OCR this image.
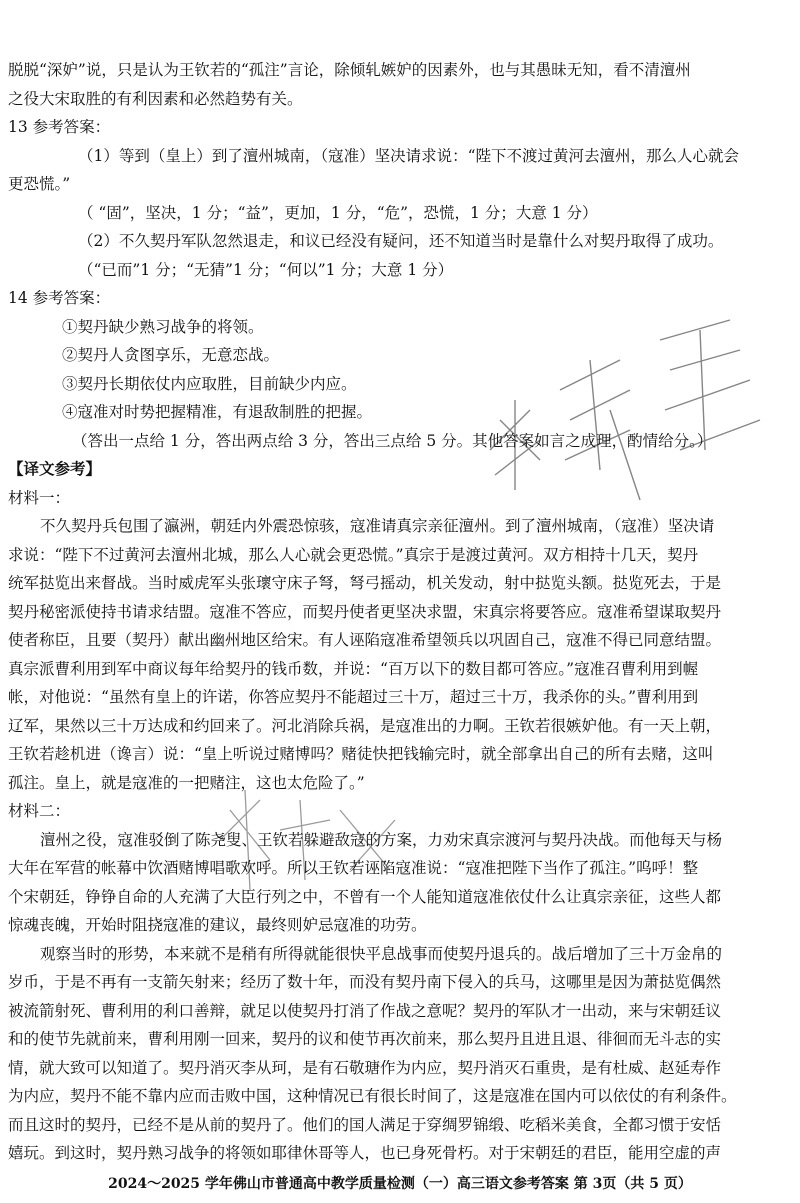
脱脱“深妒”说，只是认为王钦若的“孤注”言论，除倾轧嫉妒的因素外，也与其愚昧无知，看不清澶州
之役大宋取胜的有利因素和必然趋势有关。
13 参考答案：
（1）等到（皇上）到了澶州城南，（寇准）坚决请求说：“陛下不渡过黄河去澶州，那么人心就会
更恐慌。”
（ “固”，坚决，1 分；“益”，更加，1 分，“危”，恐慌，1 分；大意 1 分）
（2）不久契丹军队忽然退走，和议已经没有疑问，还不知道当时是靠什么对契丹取得了成功。
（“已而”1 分；“无猜”1 分；“何以”1 分；大意 1 分）
14 参考答案：
①契丹缺少熟习战争的将领。
②契丹人贪图享乐，无意恋战。
③契丹长期依仗内应取胜，目前缺少内应。
④寇准对时势把握精准，有退敌制胜的把握。
（答出一点给 1 分，答出两点给 3 分，答出三点给 5 分。其他答案如言之成理，酌情给分。）
【译文参考】
材料一：
不久契丹兵包围了瀛洲，朝廷内外震恐惊骇，寇准请真宗亲征澶州。到了澶州城南，（寇准）坚决请
求说：“陛下不过黄河去澶州北城，那么人心就会更恐慌。”真宗于是渡过黄河。双方相持十几天，契丹
统军挞览出来督战。当时威虎军头张瓌守床子弩，弩弓摇动，机关发动，射中挞览头额。挞览死去，于是
契丹秘密派使持书请求结盟。寇准不答应，而契丹使者更坚决求盟，宋真宗将要答应。寇准希望谋取契丹
使者称臣，且要（契丹）献出幽州地区给宋。有人诬陷寇准希望领兵以巩固自己，寇准不得已同意结盟。
真宗派曹利用到军中商议每年给契丹的钱币数，并说：“百万以下的数目都可答应。”寇准召曹利用到幄
帐，对他说：“虽然有皇上的许诺，你答应契丹不能超过三十万，超过三十万，我杀你的头。”曹利用到
辽军，果然以三十万达成和约回来了。河北消除兵祸，是寇准出的力啊。王钦若很嫉妒他。有一天上朝，
王钦若趁机进（谗言）说：“皇上听说过赌博吗？赌徒快把钱输完时，就全部拿出自己的所有去赌，这叫
孤注。皇上，就是寇准的一把赌注，这也太危险了。”
材料二：
澶州之役，寇准驳倒了陈尧叟、王钦若躲避敌寇的方案，力劝宋真宗渡河与契丹决战。而他每天与杨
大年在军营的帐幕中饮酒赌博唱歌欢呼。所以王钦若诬陷寇准说：“寇准把陛下当作了孤注。”呜呼！整
个宋朝廷，铮铮自命的人充满了大臣行列之中，不曾有一个人能知道寇准依仗什么让真宗亲征，这些人都
惊魂丧魄，开始时阻挠寇准的建议，最终则妒忌寇准的功劳。
观察当时的形势，本来就不是稍有所得就能很快平息战事而使契丹退兵的。战后增加了三十万金帛的
岁币，于是不再有一支箭矢射来；经历了数十年，而没有契丹南下侵入的兵马，这哪里是因为萧挞览偶然
被流箭射死、曹利用的利口善辩，就足以使契丹打消了作战之意呢？契丹的军队才一出动，来与宋朝廷议
和的使节先就前来，曹利用刚一回来，契丹的议和使节再次前来，那么契丹且进且退、徘徊而无斗志的实
情，就大致可以知道了。契丹消灭李从珂，是有石敬瑭作为内应，契丹消灭石重贵，是有杜威、赵延寿作
为内应，契丹不能不靠内应而击败中国，这种情况已有很长时间了，这是寇准在国内可以依仗的有利条件。
而且这时的契丹，已经不是从前的契丹了。他们的国人满足于穿绸罗锦缎、吃稻米美食，全都习惯于安恬
嬉玩。到这时，契丹熟习战争的将领如耶律休哥等人，也已身死骨朽。对于宋朝廷的君臣，能用空虚的声
2024～2025 学年佛山市普通高中教学质量检测（一）高三语文参考答案 第 3页（共 5 页）
